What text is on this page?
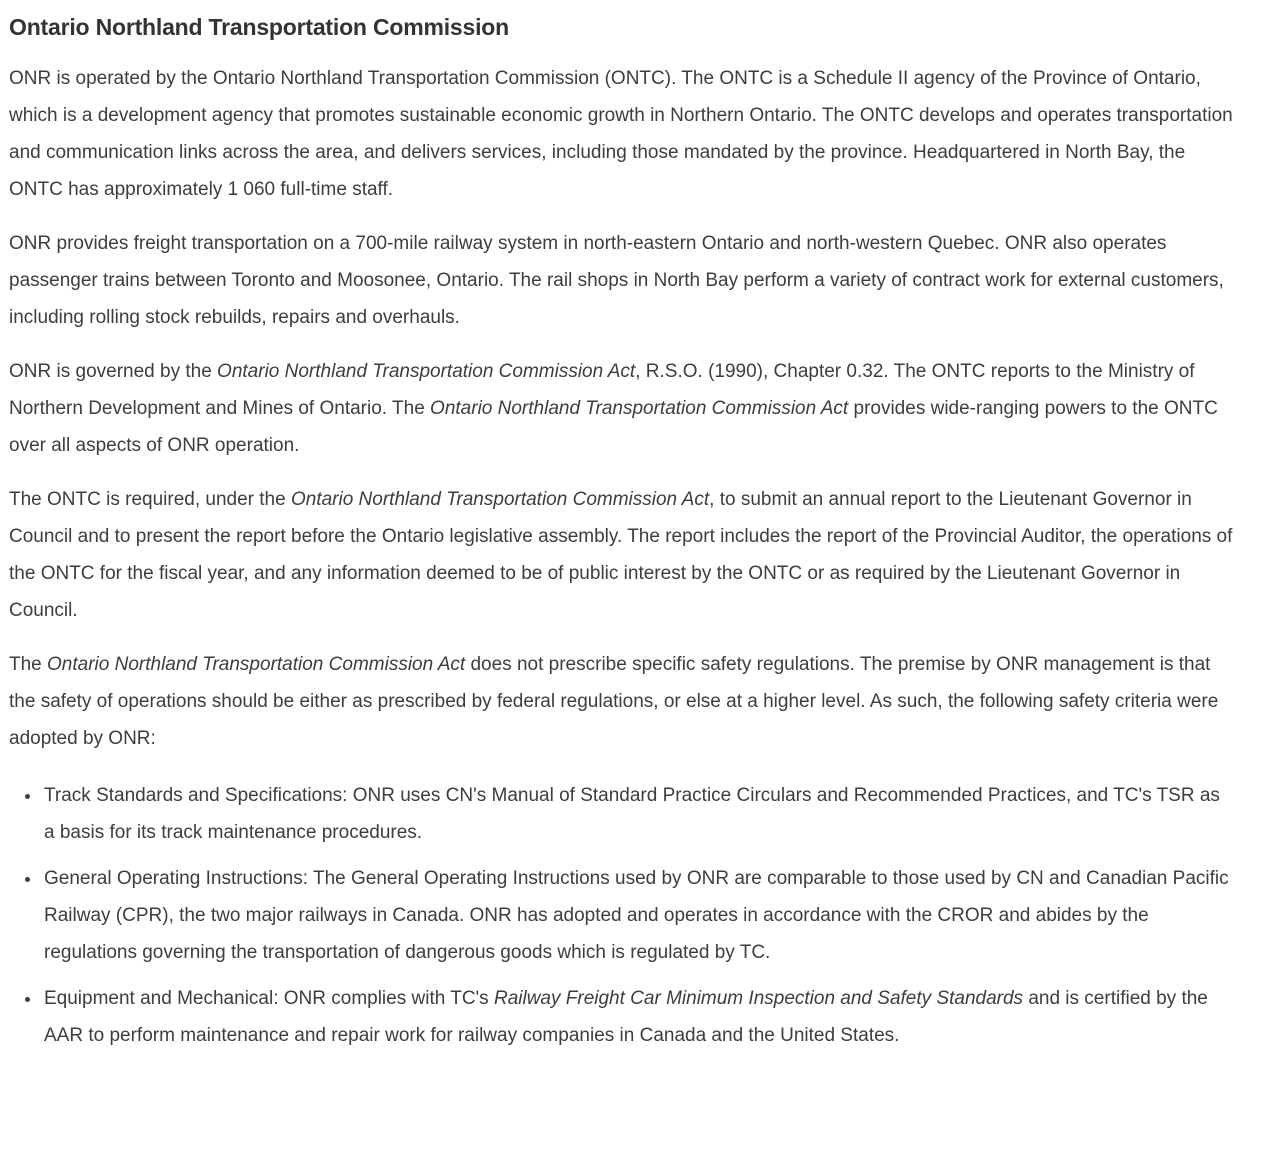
Ontario Northland Transportation Commission

ONR is operated by the Ontario Northland Transportation Commission (ONTC). The ONTC is a Schedule II agency of the Province of Ontario, which is a development agency that promotes sustainable economic growth in Northern Ontario. The ONTC develops and operates transportation and communication links across the area, and delivers services, including those mandated by the province. Headquartered in North Bay, the ONTC has approximately 1 060 full-time staff.

ONR provides freight transportation on a 700-mile railway system in north-eastern Ontario and north-western Quebec. ONR also operates passenger trains between Toronto and Moosonee, Ontario. The rail shops in North Bay perform a variety of contract work for external customers, including rolling stock rebuilds, repairs and overhauls.

ONR is governed by the Ontario Northland Transportation Commission Act, R.S.O. (1990), Chapter 0.32. The ONTC reports to the Ministry of Northern Development and Mines of Ontario. The Ontario Northland Transportation Commission Act provides wide-ranging powers to the ONTC over all aspects of ONR operation.

The ONTC is required, under the Ontario Northland Transportation Commission Act, to submit an annual report to the Lieutenant Governor in Council and to present the report before the Ontario legislative assembly. The report includes the report of the Provincial Auditor, the operations of the ONTC for the fiscal year, and any information deemed to be of public interest by the ONTC or as required by the Lieutenant Governor in Council.

The Ontario Northland Transportation Commission Act does not prescribe specific safety regulations. The premise by ONR management is that the safety of operations should be either as prescribed by federal regulations, or else at a higher level. As such, the following safety criteria were adopted by ONR:

• Track Standards and Specifications: ONR uses CN's Manual of Standard Practice Circulars and Recommended Practices, and TC's TSR as a basis for its track maintenance procedures.
• General Operating Instructions: The General Operating Instructions used by ONR are comparable to those used by CN and Canadian Pacific Railway (CPR), the two major railways in Canada. ONR has adopted and operates in accordance with the CROR and abides by the regulations governing the transportation of dangerous goods which is regulated by TC.
• Equipment and Mechanical: ONR complies with TC's Railway Freight Car Minimum Inspection and Safety Standards and is certified by the AAR to perform maintenance and repair work for railway companies in Canada and the United States.
